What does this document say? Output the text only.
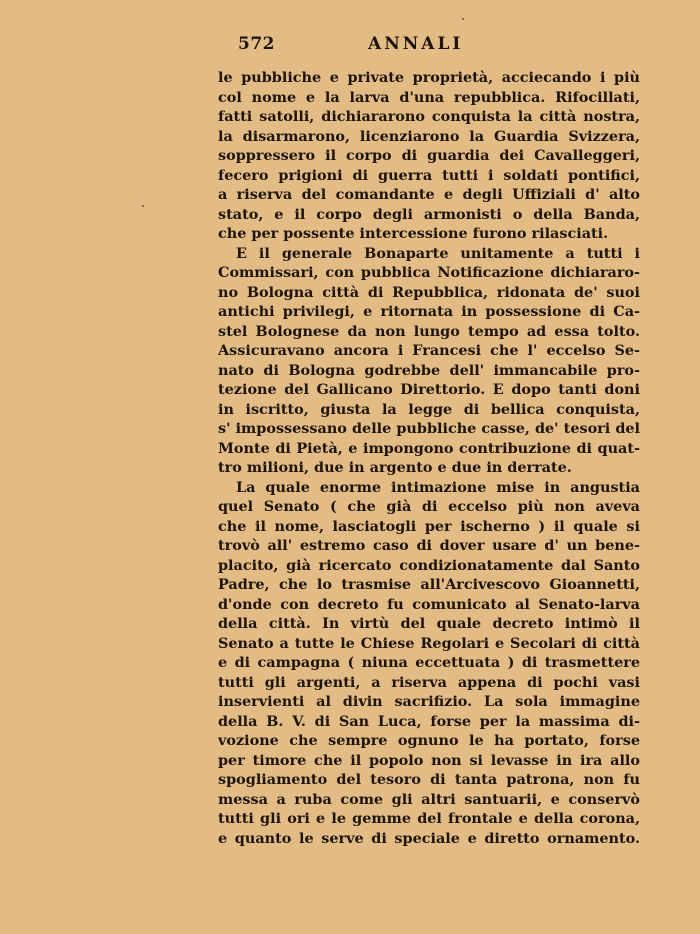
572	ANNALI
le pubbliche e private proprietà, acciecando i più
col nome e la larva d'una repubblica. Rifocillati,
fatti satolli, dichiararono conquista la città nostra,
la disarmarono, licenziarono la Guardia Svizzera,
soppressero il corpo di guardia dei Cavalleggeri,
fecero prigioni di guerra tutti i soldati pontifici,
a riserva del comandante e degli Uffiziali d' alto
stato, e il corpo degli armonisti o della Banda,
che per possente intercessione furono rilasciati.
E il generale Bonaparte unitamente a tutti i
Commissari, con pubblica Notificazione dichiararo-
no Bologna città di Repubblica, ridonata de' suoi
antichi privilegi, e ritornata in possessione di Ca-
stel Bolognese da non lungo tempo ad essa tolto.
Assicuravano ancora i Francesi che l' eccelso Se-
nato di Bologna godrebbe dell' immancabile pro-
tezione del Gallicano Direttorio. E dopo tanti doni
in iscritto, giusta la legge di bellica conquista,
s' impossessano delle pubbliche casse, de' tesori del
Monte di Pietà, e impongono contribuzione di quat-
tro milioni, due in argento e due in derrate.
La quale enorme intimazione mise in angustia
quel Senato ( che già di eccelso più non aveva
che il nome, lasciatogli per ischerno ) il quale si
trovò all' estremo caso di dover usare d' un bene-
placito, già ricercato condizionatamente dal Santo
Padre, che lo trasmise all'Arcivescovo Gioannetti,
d'onde con decreto fu comunicato al Senato-larva
della città. In virtù del quale decreto intimò il
Senato a tutte le Chiese Regolari e Secolari di città
e di campagna ( niuna eccettuata ) di trasmettere
tutti gli argenti, a riserva appena di pochi vasi
inservienti al divin sacrifizio. La sola immagine
della B. V. di San Luca, forse per la massima di-
vozione che sempre ognuno le ha portato, forse
per timore che il popolo non si levasse in ira allo
spogliamento del tesoro di tanta patrona, non fu
messa a ruba come gli altri santuarii, e conservò
tutti gli ori e le gemme del frontale e della corona,
e quanto le serve di speciale e diretto ornamento.
